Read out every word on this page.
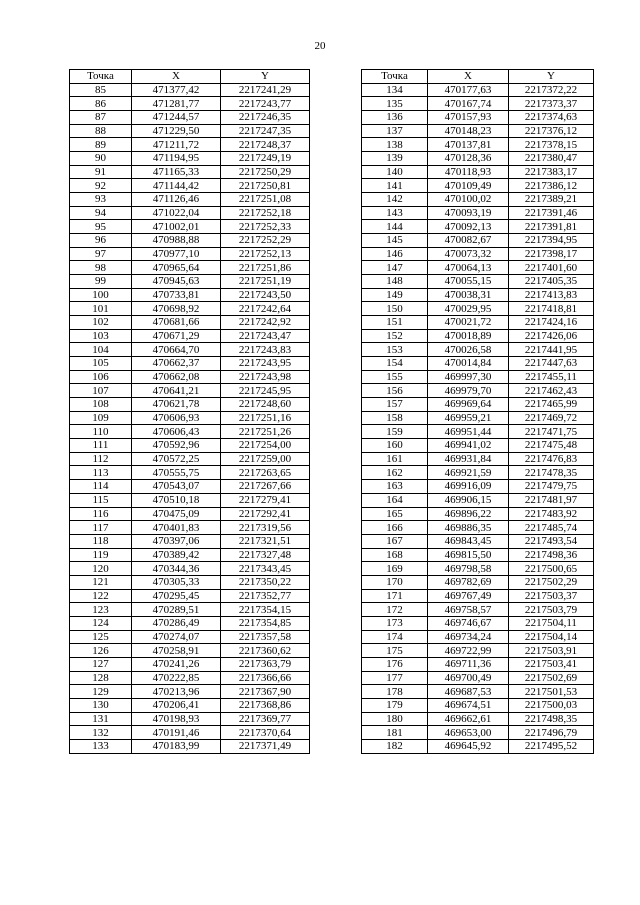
20
Точка	X	Y
85	471377,42	2217241,29
86	471281,77	2217243,77
87	471244,57	2217246,35
88	471229,50	2217247,35
89	471211,72	2217248,37
90	471194,95	2217249,19
91	471165,33	2217250,29
92	471144,42	2217250,81
93	471126,46	2217251,08
94	471022,04	2217252,18
95	471002,01	2217252,33
96	470988,88	2217252,29
97	470977,10	2217252,13
98	470965,64	2217251,86
99	470945,63	2217251,19
100	470733,81	2217243,50
101	470698,92	2217242,64
102	470681,66	2217242,92
103	470671,29	2217243,47
104	470664,70	2217243,83
105	470662,37	2217243,95
106	470662,08	2217243,98
107	470641,21	2217245,95
108	470621,78	2217248,60
109	470606,93	2217251,16
110	470606,43	2217251,26
111	470592,96	2217254,00
112	470572,25	2217259,00
113	470555,75	2217263,65
114	470543,07	2217267,66
115	470510,18	2217279,41
116	470475,09	2217292,41
117	470401,83	2217319,56
118	470397,06	2217321,51
119	470389,42	2217327,48
120	470344,36	2217343,45
121	470305,33	2217350,22
122	470295,45	2217352,77
123	470289,51	2217354,15
124	470286,49	2217354,85
125	470274,07	2217357,58
126	470258,91	2217360,62
127	470241,26	2217363,79
128	470222,85	2217366,66
129	470213,96	2217367,90
130	470206,41	2217368,86
131	470198,93	2217369,77
132	470191,46	2217370,64
133	470183,99	2217371,49
Точка	X	Y
134	470177,63	2217372,22
135	470167,74	2217373,37
136	470157,93	2217374,63
137	470148,23	2217376,12
138	470137,81	2217378,15
139	470128,36	2217380,47
140	470118,93	2217383,17
141	470109,49	2217386,12
142	470100,02	2217389,21
143	470093,19	2217391,46
144	470092,13	2217391,81
145	470082,67	2217394,95
146	470073,32	2217398,17
147	470064,13	2217401,60
148	470055,15	2217405,35
149	470038,31	2217413,83
150	470029,95	2217418,81
151	470021,72	2217424,16
152	470018,89	2217426,06
153	470026,58	2217441,95
154	470014,84	2217447,63
155	469997,30	2217455,11
156	469979,70	2217462,43
157	469969,64	2217465,99
158	469959,21	2217469,72
159	469951,44	2217471,75
160	469941,02	2217475,48
161	469931,84	2217476,83
162	469921,59	2217478,35
163	469916,09	2217479,75
164	469906,15	2217481,97
165	469896,22	2217483,92
166	469886,35	2217485,74
167	469843,45	2217493,54
168	469815,50	2217498,36
169	469798,58	2217500,65
170	469782,69	2217502,29
171	469767,49	2217503,37
172	469758,57	2217503,79
173	469746,67	2217504,11
174	469734,24	2217504,14
175	469722,99	2217503,91
176	469711,36	2217503,41
177	469700,49	2217502,69
178	469687,53	2217501,53
179	469674,51	2217500,03
180	469662,61	2217498,35
181	469653,00	2217496,79
182	469645,92	2217495,52
